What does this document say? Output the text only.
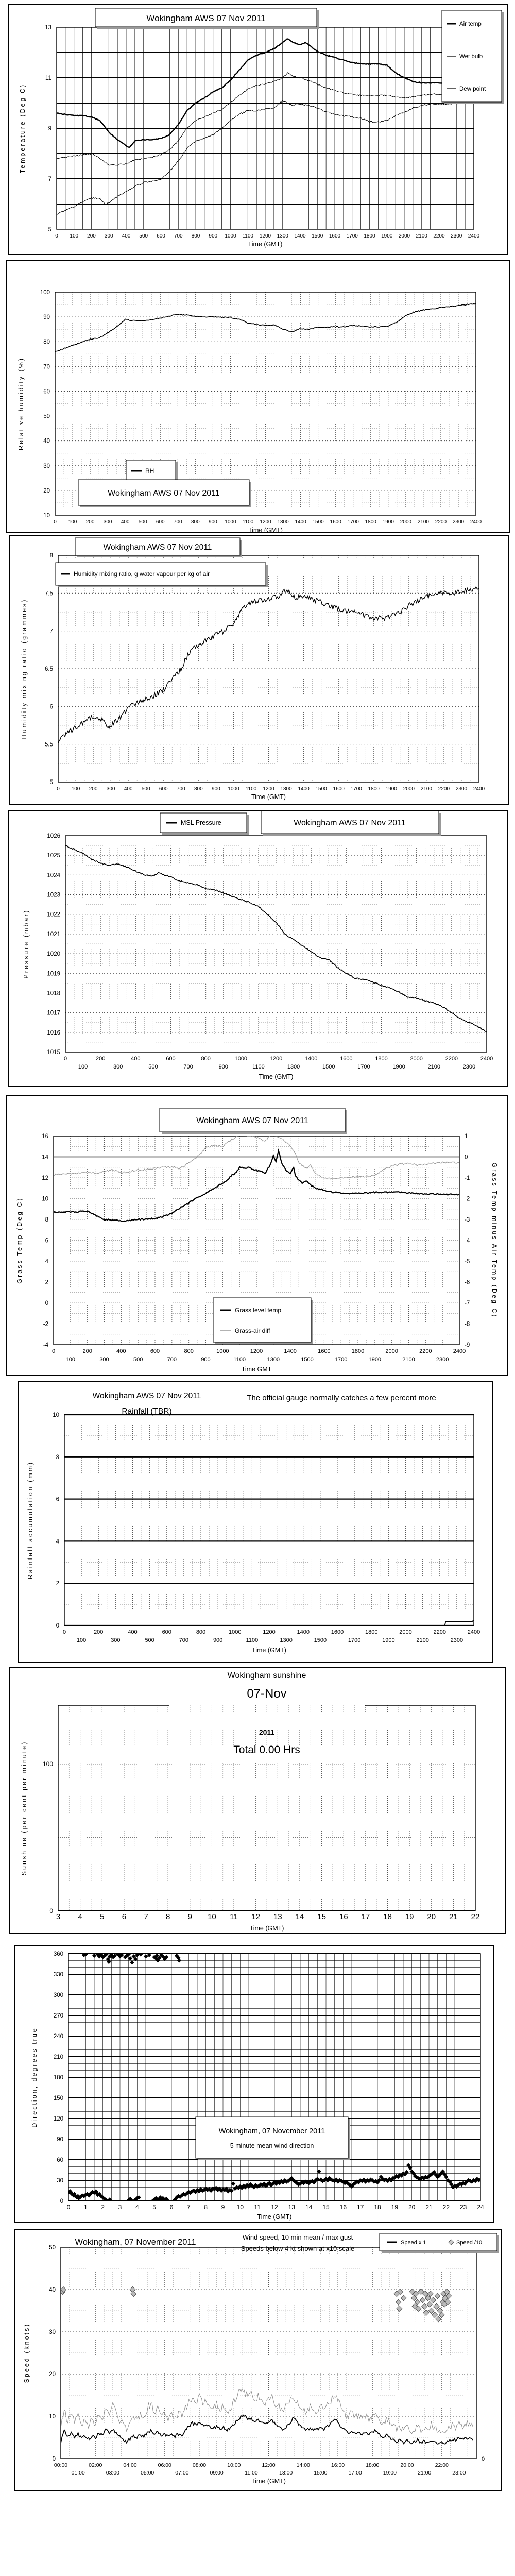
5
7
9
11
13
Temperature (Deg C)
0 100 200 300 400 500 600 700 800 900 1000 1100 1200 1300 1400 1500 1600 1700 1800 1900 2000 2100 2200 2300 2400
Time (GMT)
Wokingham AWS 07 Nov 2011
Air temp
Wet bulb
Dew point
10
20
30
40
50
60
70
80
90
100
Relative humidity (%)
0 100 200 300 400 500 600 700 800 900 1000 1100 1200 1300 1400 1500 1600 1700 1800 1900 2000 2100 2200 2300 2400
Time (GMT)
RH
Wokingham AWS 07 Nov 2011
5
5.5
6
6.5
7
7.5
8
Humidity mixing ratio (grammes)
0 100 200 300 400 500 600 700 800 900 1000 1100 1200 1300 1400 1500 1600 1700 1800 1900 2000 2100 2200 2300 2400
Time (GMT)
Wokingham AWS 07 Nov 2011
Humidity mixing ratio, g water vapour per kg of air
1015
1016
1017
1018
1019
1020
1021
1022
1023
1024
1025
1026
Pressure (mbar)
0	200	400	600	800	1000	1200	1400	1600	1800	2000	2200	2400
100	300	500	700	900	1100	1300	1500	1700	1900	2100	2300
Time (GMT)
MSL Pressure	Wokingham AWS 07 Nov 2011
-4
-2
0
2
4
6
8
10
12
14
16
-9
-8
-7
-6
-5
-4
-3
-2
-1
0
1
Grass Temp (Deg C)	Grass Temp minus Air Temp (Deg C)
0	200	400	600	800	1000	1200	1400	1600	1800	2000	2200	2400
100	300	500	700	900	1100	1300	1500	1700	1900	2100	2300
Time GMT
Wokingham AWS 07 Nov 2011
Grass level temp
Grass-air diff
0
2
4
6
8
10
Rainfall accumulation (mm)
0	200	400	600	800	1000	1200	1400	1600	1800	2000	2200	2400
100	300	500	700	900	1100	1300	1500	1700	1900	2100	2300
Time (GMT)
Wokingham AWS 07 Nov 2011
Rainfall (TBR)
The official gauge normally catches a few percent more
0
100
Sunshine (per cent per minute)
3 4 5 6 7 8 9 10 11 12 13 14 15 16 17 18 19 20 21 22
Time (GMT)
Wokingham sunshine
07-Nov
2011
Total 0.00 Hrs
0
30
60
90
120
150
180
210
240
270
300
330
360
Direction, degrees true
0 1 2 3 4 5 6 7 8 9 10 11 12 13 14 15 16 17 18 19 20 21 22 23 24
Time (GMT)
Wokingham, 07 November 2011
5 minute mean wind direction
0
10
20
30
40
50
Speed (knots)
00:00	02:00	04:00	06:00	08:00	10:00	12:00	14:00	16:00	18:00	20:00	22:00
01:00	03:00	05:00	07:00	09:00	11:00	13:00	15:00	17:00	19:00	21:00	23:00
Time (GMT)
Wokingham, 07 November 2011
Wind speed, 10 min mean / max gust
Speeds below 4 kt shown at x10 scale
Speed x 1	Speed /10
0
